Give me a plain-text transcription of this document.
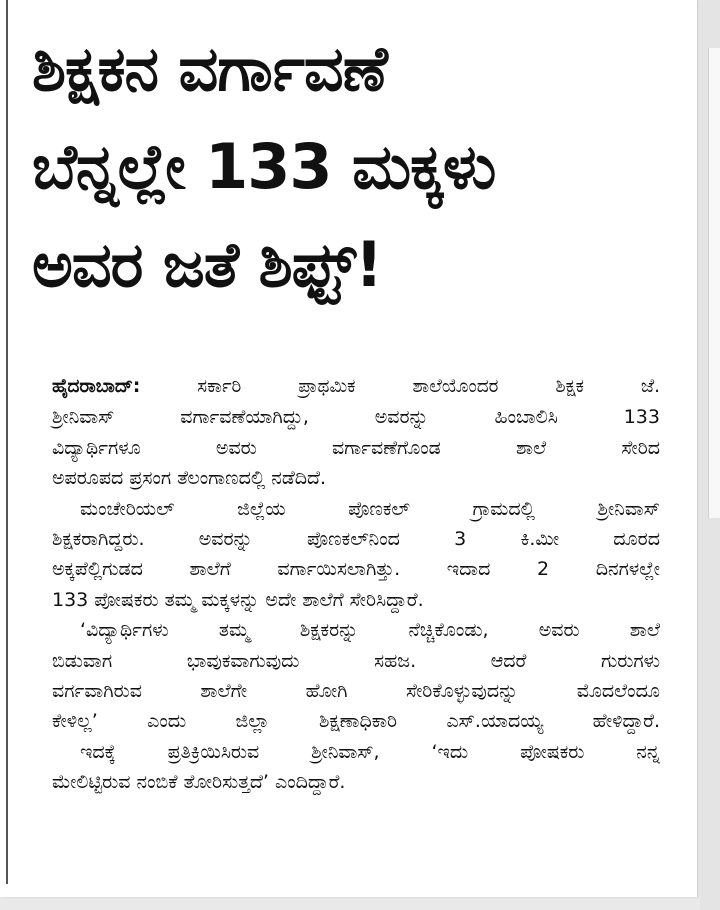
ಶಿಕ್ಷಕನ ವರ್ಗಾವಣೆ
ಬೆನ್ನಲ್ಲೇ 133 ಮಕ್ಕಳು
ಅವರ ಜತೆ ಶಿಫ್ಟ್!
ಹೈದರಾಬಾದ್:	ಸರ್ಕಾರಿ ಪ್ರಾಥಮಿಕ ಶಾಲೆಯೊಂದರ ಶಿಕ್ಷಕ ಜೆ.
ಶ್ರೀನಿವಾಸ್ ವರ್ಗಾವಣೆಯಾಗಿದ್ದು, ಅವರನ್ನು ಹಿಂಬಾಲಿಸಿ 133
ವಿದ್ಯಾರ್ಥಿಗಳೂ ಅವರು ವರ್ಗಾವಣೆಗೊಂಡ ಶಾಲೆ ಸೇರಿದ
ಅಪರೂಪದ ಪ್ರಸಂಗ ತೆಲಂಗಾಣದಲ್ಲಿ ನಡೆದಿದೆ.
ಮಂಚೇರಿಯಲ್ ಜಿಲ್ಲೆಯ ಪೊಣಕಲ್ ಗ್ರಾಮದಲ್ಲಿ ಶ್ರೀನಿವಾಸ್
ಶಿಕ್ಷಕರಾಗಿದ್ದರು. ಅವರನ್ನು ಪೊಣಕಲ್‌ನಿಂದ 3 ಕಿ.ಮೀ ದೂರದ
ಅಕ್ಕಪೆಲ್ಲಿಗುಡದ ಶಾಲೆಗೆ ವರ್ಗಾಯಿಸಲಾಗಿತ್ತು. ಇದಾದ 2 ದಿನಗಳಲ್ಲೇ
133 ಪೋಷಕರು ತಮ್ಮ ಮಕ್ಕಳನ್ನು ಅದೇ ಶಾಲೆಗೆ ಸೇರಿಸಿದ್ದಾರೆ.
‘ವಿದ್ಯಾರ್ಥಿಗಳು ತಮ್ಮ ಶಿಕ್ಷಕರನ್ನು ನೆಚ್ಚಿಕೊಂಡು, ಅವರು ಶಾಲೆ
ಬಿಡುವಾಗ ಭಾವುಕವಾಗುವುದು ಸಹಜ. ಆದರೆ ಗುರುಗಳು
ವರ್ಗವಾಗಿರುವ ಶಾಲೆಗೇ ಹೋಗಿ ಸೇರಿಕೊಳ್ಳುವುದನ್ನು ಮೊದಲೆಂದೂ
ಕೇಳಿಲ್ಲ’ ಎಂದು ಜಿಲ್ಲಾ ಶಿಕ್ಷಣಾಧಿಕಾರಿ ಎಸ್.ಯಾದಯ್ಯ ಹೇಳಿದ್ದಾರೆ.
ಇದಕ್ಕೆ ಪ್ರತಿಕ್ರಿಯಿಸಿರುವ ಶ್ರೀನಿವಾಸ್, ‘ಇದು ಪೋಷಕರು ನನ್ನ
ಮೇಲಿಟ್ಟಿರುವ ನಂಬಿಕೆ ತೋರಿಸುತ್ತದೆ’ ಎಂದಿದ್ದಾರೆ.
